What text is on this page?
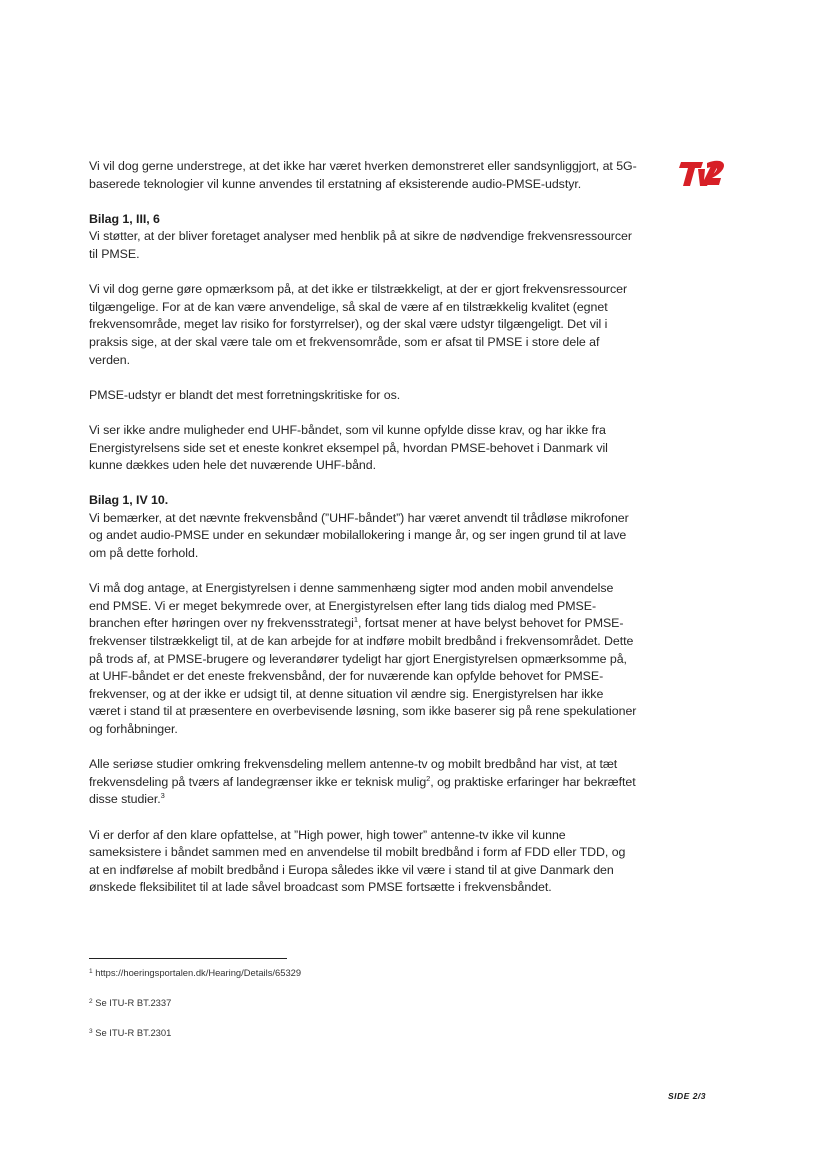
Vi vil dog gerne understrege, at det ikke har været hverken demonstreret eller sandsynliggjort, at 5G-baserede teknologier vil kunne anvendes til erstatning af eksisterende audio-PMSE-udstyr.

Bilag 1, III, 6

Vi støtter, at der bliver foretaget analyser med henblik på at sikre de nødvendige frekvensressourcer til PMSE.

Vi vil dog gerne gøre opmærksom på, at det ikke er tilstrækkeligt, at der er gjort frekvensressourcer tilgængelige. For at de kan være anvendelige, så skal de være af en tilstrækkelig kvalitet (egnet frekvensområde, meget lav risiko for forstyrrelser), og der skal være udstyr tilgængeligt. Det vil i praksis sige, at der skal være tale om et frekvensområde, som er afsat til PMSE i store dele af verden.

PMSE-udstyr er blandt det mest forretningskritiske for os.

Vi ser ikke andre muligheder end UHF-båndet, som vil kunne opfylde disse krav, og har ikke fra Energistyrelsens side set et eneste konkret eksempel på, hvordan PMSE-behovet i Danmark vil kunne dækkes uden hele det nuværende UHF-bånd.

Bilag 1, IV 10.

Vi bemærker, at det nævnte frekvensbånd (”UHF-båndet”) har været anvendt til trådløse mikrofoner og andet audio-PMSE under en sekundær mobilallokering i mange år, og ser ingen grund til at lave om på dette forhold.

Vi må dog antage, at Energistyrelsen i denne sammenhæng sigter mod anden mobil anvendelse end PMSE. Vi er meget bekymrede over, at Energistyrelsen efter lang tids dialog med PMSE-branchen efter høringen over ny frekvensstrategi$^1$, fortsat mener at have belyst behovet for PMSE-frekvenser tilstrækkeligt til, at de kan arbejde for at indføre mobilt bredbånd i frekvensområdet. Dette på trods af, at PMSE-brugere og leverandører tydeligt har gjort Energistyrelsen opmærksomme på, at UHF-båndet er det eneste frekvensbånd, der for nuværende kan opfylde behovet for PMSE-frekvenser, og at der ikke er udsigt til, at denne situation vil ændre sig. Energistyrelsen har ikke været i stand til at præsentere en overbevisende løsning, som ikke baserer sig på rene spekulationer og forhåbninger.

Alle seriøse studier omkring frekvensdeling mellem antenne-tv og mobilt bredbånd har vist, at tæt frekvensdeling på tværs af landegrænser ikke er teknisk mulig$^2$, og praktiske erfaringer har bekræftet disse studier.$^3$

Vi er derfor af den klare opfattelse, at ”High power, high tower” antenne-tv ikke vil kunne sameksistere i båndet sammen med en anvendelse til mobilt bredbånd i form af FDD eller TDD, og at en indførelse af mobilt bredbånd i Europa således ikke vil være i stand til at give Danmark den ønskede fleksibilitet til at lade såvel broadcast som PMSE fortsætte i frekvensbåndet.

$^1$ https://hoeringsportalen.dk/Hearing/Details/65329
$^2$ Se ITU-R BT.2337
$^3$ Se ITU-R BT.2301
SIDE 2/3
